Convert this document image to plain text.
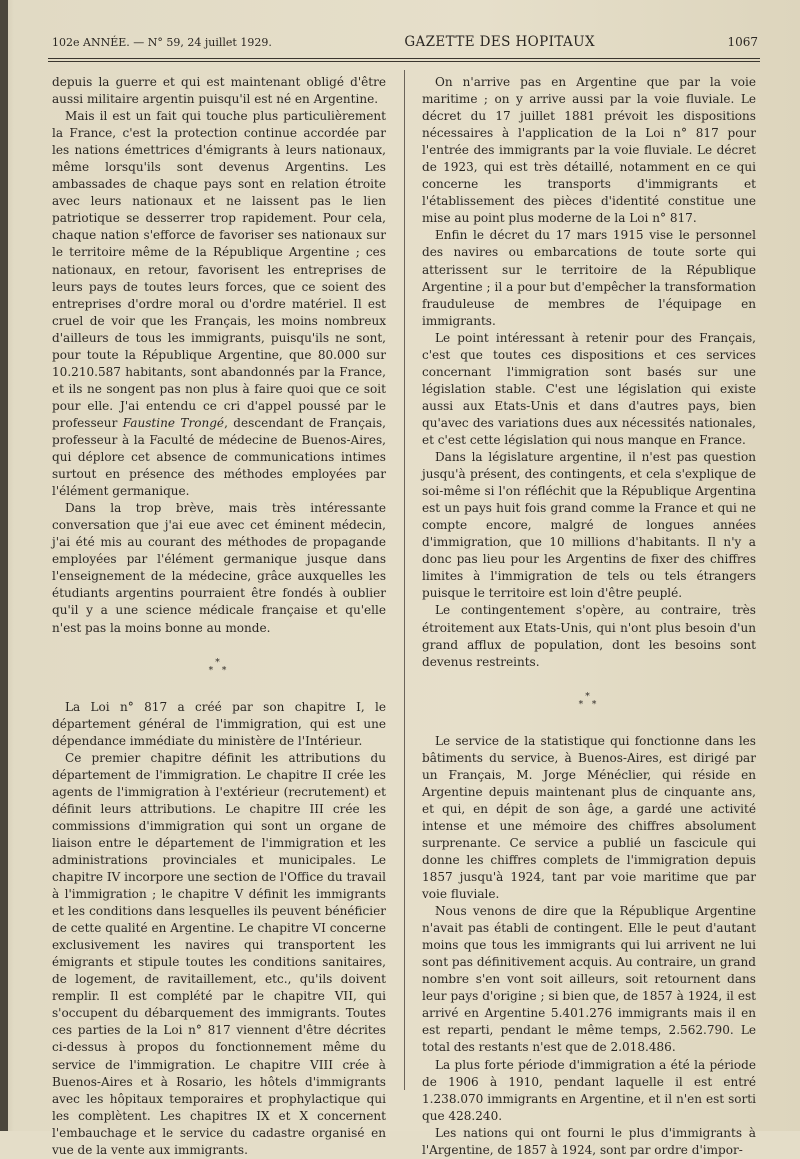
102e ANNÉE. — N° 59, 24 juillet 1929.	GAZETTE DES HOPITAUX	1067

depuis la guerre et qui est maintenant obligé d'être aussi militaire argentin puisqu'il est né en Argentine.

Mais il est un fait qui touche plus particulièrement la France, c'est la protection continue accordée par les nations émettrices d'émigrants à leurs nationaux, même lorsqu'ils sont devenus Argentins. Les ambassades de chaque pays sont en relation étroite avec leurs nationaux et ne laissent pas le lien patriotique se desserrer trop rapidement. Pour cela, chaque nation s'efforce de favoriser ses nationaux sur le territoire même de la République Argentine ; ces nationaux, en retour, favorisent les entreprises de leurs pays de toutes leurs forces, que ce soient des entreprises d'ordre moral ou d'ordre matériel. Il est cruel de voir que les Français, les moins nombreux d'ailleurs de tous les immigrants, puisqu'ils ne sont, pour toute la République Argentine, que 80.000 sur 10.210.587 habitants, sont abandonnés par la France, et ils ne songent pas non plus à faire quoi que ce soit pour elle. J'ai entendu ce cri d'appel poussé par le professeur Faustine Trongé, descendant de Français, professeur à la Faculté de médecine de Buenos-Aires, qui déplore cet absence de communications intimes surtout en présence des méthodes employées par l'élément germanique.

Dans la trop brève, mais très intéressante conversation que j'ai eue avec cet éminent médecin, j'ai été mis au courant des méthodes de propagande employées par l'élément germanique jusque dans l'enseignement de la médecine, grâce auxquelles les étudiants argentins pourraient être fondés à oublier qu'il y a une science médicale française et qu'elle n'est pas la moins bonne au monde.

*
* *

La Loi n° 817 a créé par son chapitre I, le département général de l'immigration, qui est une dépendance immédiate du ministère de l'Intérieur.

Ce premier chapitre définit les attributions du département de l'immigration. Le chapitre II crée les agents de l'immigration à l'extérieur (recrutement) et définit leurs attributions. Le chapitre III crée les commissions d'immigration qui sont un organe de liaison entre le département de l'immigration et les administrations provinciales et municipales. Le chapitre IV incorpore une section de l'Office du travail à l'immigration ; le chapitre V définit les immigrants et les conditions dans lesquelles ils peuvent bénéficier de cette qualité en Argentine. Le chapitre VI concerne exclusivement les navires qui transportent les émigrants et stipule toutes les conditions sanitaires, de logement, de ravitaillement, etc., qu'ils doivent remplir. Il est complété par le chapitre VII, qui s'occupent du débarquement des immigrants. Toutes ces parties de la Loi n° 817 viennent d'être décrites ci-dessus à propos du fonctionnement même du service de l'immigration. Le chapitre VIII crée à Buenos-Aires et à Rosario, les hôtels d'immigrants avec les hôpitaux temporaires et prophylactique qui les complètent. Les chapitres IX et X concernent l'embauchage et le service du cadastre organisé en vue de la vente aux immigrants.

On n'arrive pas en Argentine que par la voie maritime ; on y arrive aussi par la voie fluviale. Le décret du 17 juillet 1881 prévoit les dispositions nécessaires à l'application de la Loi n° 817 pour l'entrée des immigrants par la voie fluviale. Le décret de 1923, qui est très détaillé, notamment en ce qui concerne les transports d'immigrants et l'établissement des pièces d'identité constitue une mise au point plus moderne de la Loi n° 817.

Enfin le décret du 17 mars 1915 vise le personnel des navires ou embarcations de toute sorte qui atterissent sur le territoire de la République Argentine ; il a pour but d'empêcher la transformation frauduleuse de membres de l'équipage en immigrants.

Le point intéressant à retenir pour des Français, c'est que toutes ces dispositions et ces services concernant l'immigration sont basés sur une législation stable. C'est une législation qui existe aussi aux Etats-Unis et dans d'autres pays, bien qu'avec des variations dues aux nécessités nationales, et c'est cette législation qui nous manque en France.

Dans la législature argentine, il n'est pas question jusqu'à présent, des contingents, et cela s'explique de soi-même si l'on réfléchit que la République Argentina est un pays huit fois grand comme la France et qui ne compte encore, malgré de longues années d'immigration, que 10 millions d'habitants. Il n'y a donc pas lieu pour les Argentins de fixer des chiffres limites à l'immigration de tels ou tels étrangers puisque le territoire est loin d'être peuplé.

Le contingentement s'opère, au contraire, très étroitement aux Etats-Unis, qui n'ont plus besoin d'un grand afflux de population, dont les besoins sont devenus restreints.

*
* *

Le service de la statistique qui fonctionne dans les bâtiments du service, à Buenos-Aires, est dirigé par un Français, M. Jorge Ménéclier, qui réside en Argentine depuis maintenant plus de cinquante ans, et qui, en dépit de son âge, a gardé une activité intense et une mémoire des chiffres absolument surprenante. Ce service a publié un fascicule qui donne les chiffres complets de l'immigration depuis 1857 jusqu'à 1924, tant par voie maritime que par voie fluviale.

Nous venons de dire que la République Argentine n'avait pas établi de contingent. Elle le peut d'autant moins que tous les immigrants qui lui arrivent ne lui sont pas définitivement acquis. Au contraire, un grand nombre s'en vont soit ailleurs, soit retournent dans leur pays d'origine ; si bien que, de 1857 à 1924, il est arrivé en Argentine 5.401.276 immigrants mais il en est reparti, pendant le même temps, 2.562.790. Le total des restants n'est que de 2.018.486.

La plus forte période d'immigration a été la période de 1906 à 1910, pendant laquelle il est entré 1.238.070 immigrants en Argentine, et il n'en est sorti que 428.240.

Les nations qui ont fourni le plus d'immigrants à l'Argentine, de 1857 à 1924, sont par ordre d'impor-
